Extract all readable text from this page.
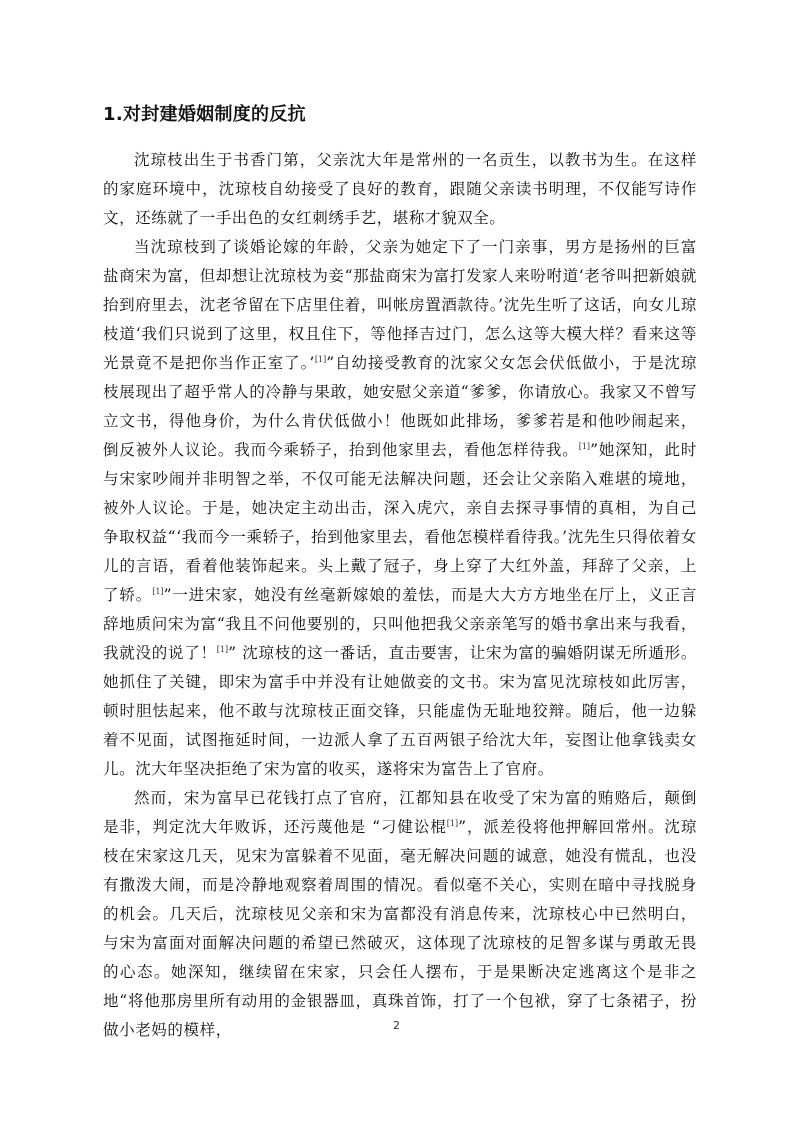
1.对封建婚姻制度的反抗

沈琼枝出生于书香门第，父亲沈大年是常州的一名贡生，以教书为生。在这样的家庭环境中，沈琼枝自幼接受了良好的教育，跟随父亲读书明理，不仅能写诗作文，还练就了一手出色的女红刺绣手艺，堪称才貌双全。

当沈琼枝到了谈婚论嫁的年龄，父亲为她定下了一门亲事，男方是扬州的巨富盐商宋为富，但却想让沈琼枝为妾“那盐商宋为富打发家人来吩咐道‘老爷叫把新娘就抬到府里去，沈老爷留在下店里住着，叫帐房置酒款待。’沈先生听了这话，向女儿琼枝道‘我们只说到了这里，权且住下，等他择吉过门，怎么这等大模大样？看来这等光景竟不是把你当作正室了。’[1]”自幼接受教育的沈家父女怎会伏低做小，于是沈琼枝展现出了超乎常人的冷静与果敢，她安慰父亲道“爹爹，你请放心。我家又不曾写立文书，得他身价，为什么肯伏低做小！他既如此排场，爹爹若是和他吵闹起来，倒反被外人议论。我而今乘轿子，抬到他家里去，看他怎样待我。[1]”她深知，此时与宋家吵闹并非明智之举，不仅可能无法解决问题，还会让父亲陷入难堪的境地，被外人议论。于是，她决定主动出击，深入虎穴，亲自去探寻事情的真相，为自己争取权益“‘我而今一乘轿子，抬到他家里去，看他怎模样看待我。’沈先生只得依着女儿的言语，看着他装饰起来。头上戴了冠子，身上穿了大红外盖，拜辞了父亲，上了轿。[1]”一进宋家，她没有丝毫新嫁娘的羞怯，而是大大方方地坐在厅上，义正言辞地质问宋为富“我且不问他要别的，只叫他把我父亲亲笔写的婚书拿出来与我看，我就没的说了！[1]” 沈琼枝的这一番话，直击要害，让宋为富的骗婚阴谋无所遁形。她抓住了关键，即宋为富手中并没有让她做妾的文书。宋为富见沈琼枝如此厉害，顿时胆怯起来，他不敢与沈琼枝正面交锋，只能虚伪无耻地狡辩。随后，他一边躲着不见面，试图拖延时间，一边派人拿了五百两银子给沈大年，妄图让他拿钱卖女儿。沈大年坚决拒绝了宋为富的收买，遂将宋为富告上了官府。

然而，宋为富早已花钱打点了官府，江都知县在收受了宋为富的贿赂后，颠倒是非，判定沈大年败诉，还污蔑他是 “刁健讼棍[1]”，派差役将他押解回常州。沈琼枝在宋家这几天，见宋为富躲着不见面，毫无解决问题的诚意，她没有慌乱，也没有撒泼大闹，而是冷静地观察着周围的情况。看似毫不关心，实则在暗中寻找脱身的机会。几天后，沈琼枝见父亲和宋为富都没有消息传来，沈琼枝心中已然明白，与宋为富面对面解决问题的希望已然破灭，这体现了沈琼枝的足智多谋与勇敢无畏的心态。她深知，继续留在宋家，只会任人摆布，于是果断决定逃离这个是非之地“将他那房里所有动用的金银器皿，真珠首饰，打了一个包袱，穿了七条裙子，扮做小老妈的模样，	2
